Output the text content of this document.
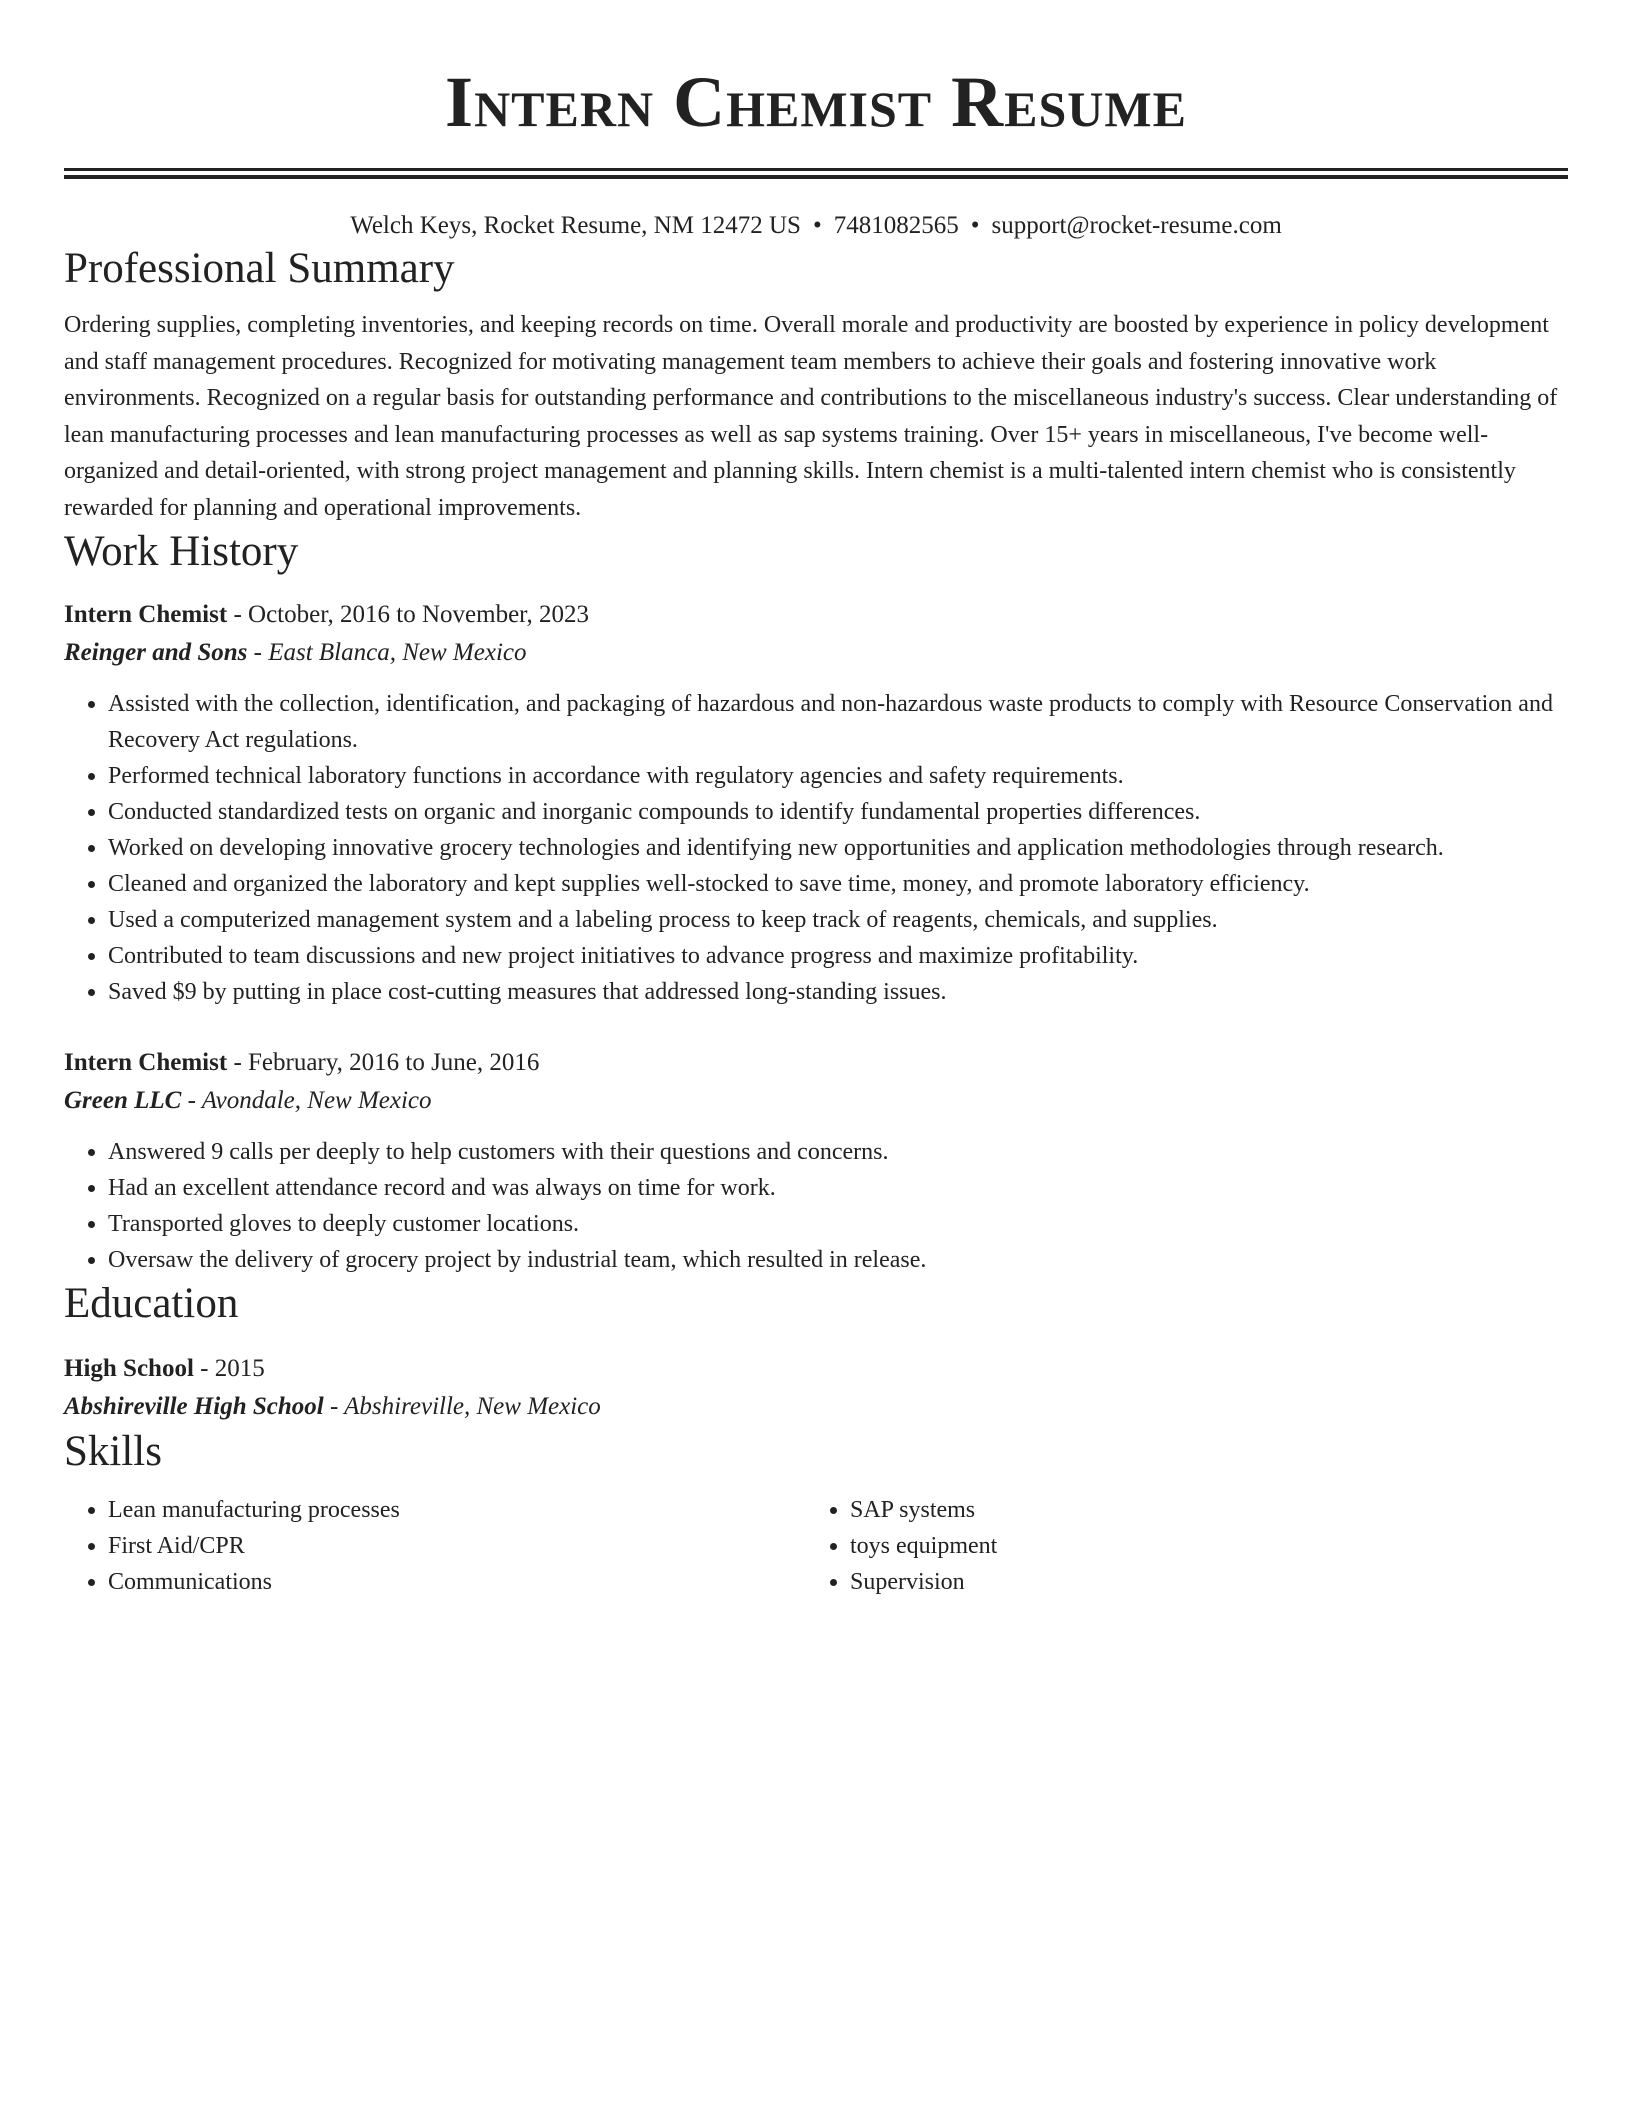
Intern Chemist Resume
Welch Keys, Rocket Resume, NM 12472 US • 7481082565 • support@rocket-resume.com
Professional Summary

Ordering supplies, completing inventories, and keeping records on time. Overall morale and productivity are boosted by experience in policy development and staff management procedures. Recognized for motivating management team members to achieve their goals and fostering innovative work environments. Recognized on a regular basis for outstanding performance and contributions to the miscellaneous industry's success. Clear understanding of lean manufacturing processes and lean manufacturing processes as well as sap systems training. Over 15+ years in miscellaneous, I've become well-organized and detail-oriented, with strong project management and planning skills. Intern chemist is a multi-talented intern chemist who is consistently rewarded for planning and operational improvements.

Work History
Intern Chemist - October, 2016 to November, 2023
Reinger and Sons - East Blanca, New Mexico
• Assisted with the collection, identification, and packaging of hazardous and non-hazardous waste products to comply with Resource Conservation and Recovery Act regulations.
• Performed technical laboratory functions in accordance with regulatory agencies and safety requirements.
• Conducted standardized tests on organic and inorganic compounds to identify fundamental properties differences.
• Worked on developing innovative grocery technologies and identifying new opportunities and application methodologies through research.
• Cleaned and organized the laboratory and kept supplies well-stocked to save time, money, and promote laboratory efficiency.
• Used a computerized management system and a labeling process to keep track of reagents, chemicals, and supplies.
• Contributed to team discussions and new project initiatives to advance progress and maximize profitability.
• Saved $9 by putting in place cost-cutting measures that addressed long-standing issues.
Intern Chemist - February, 2016 to June, 2016
Green LLC - Avondale, New Mexico
• Answered 9 calls per deeply to help customers with their questions and concerns.
• Had an excellent attendance record and was always on time for work.
• Transported gloves to deeply customer locations.
• Oversaw the delivery of grocery project by industrial team, which resulted in release.
Education
High School - 2015
Abshireville High School - Abshireville, New Mexico
Skills
• Lean manufacturing processes
• First Aid/CPR
• Communications
• SAP systems
• toys equipment
• Supervision
